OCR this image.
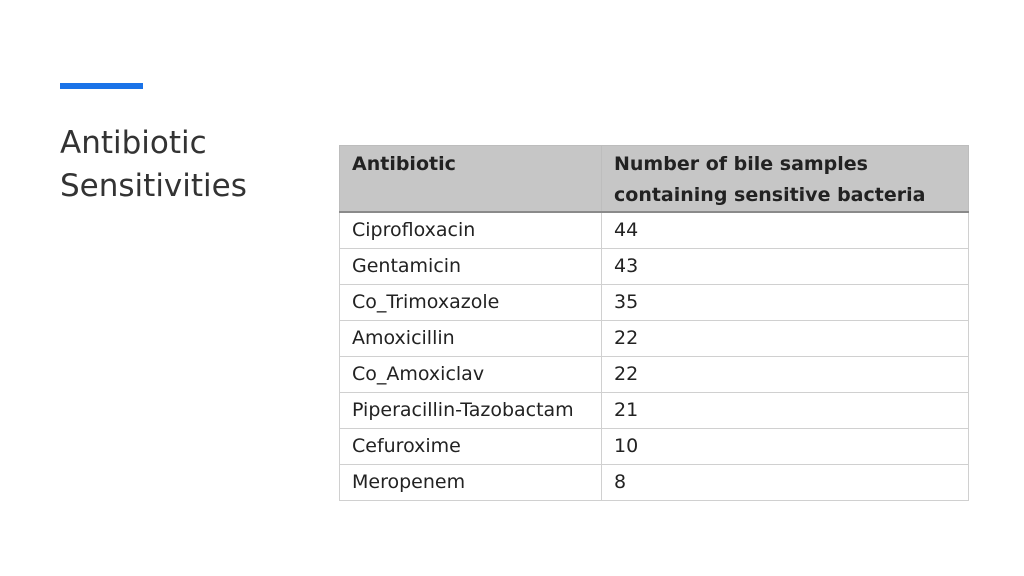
Antibiotic
Sensitivities
Antibiotic	Number of bile samples containing sensitive bacteria
Ciprofloxacin	44
Gentamicin	43
Co_Trimoxazole	35
Amoxicillin	22
Co_Amoxiclav	22
Piperacillin-Tazobactam	21
Cefuroxime	10
Meropenem	8
